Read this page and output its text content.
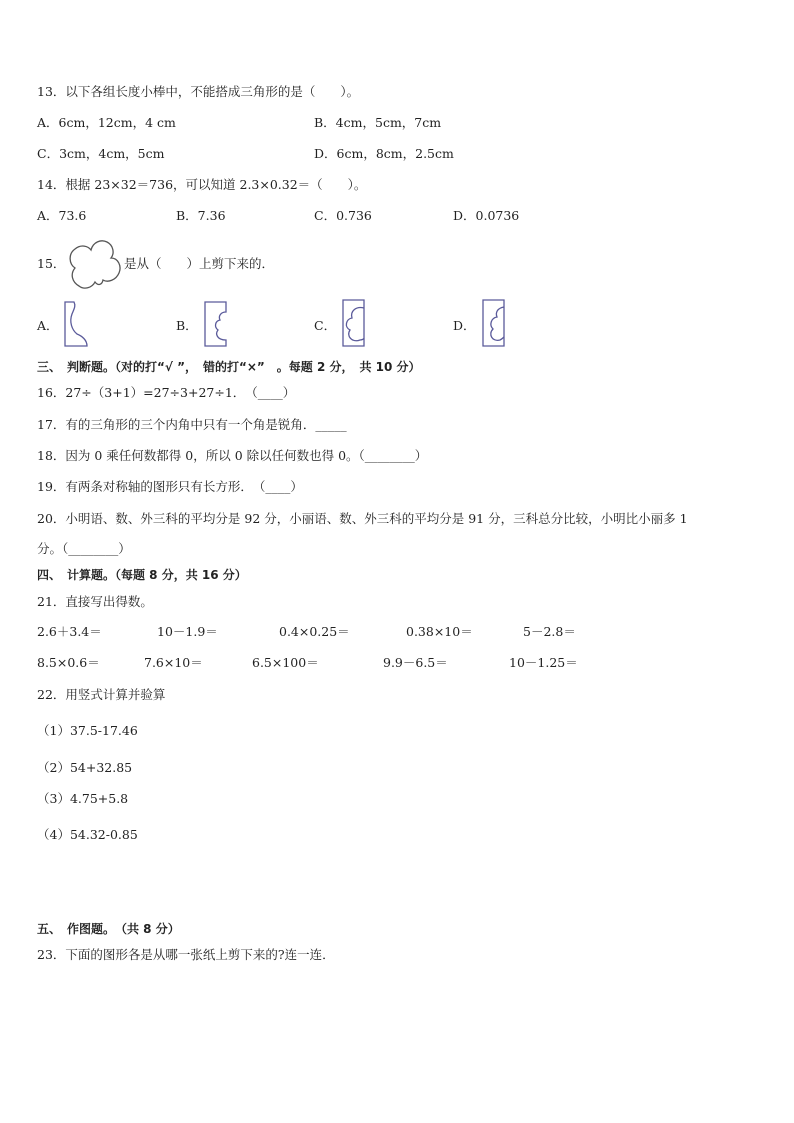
13．以下各组长度小棒中，不能搭成三角形的是（　　）。
A．6cm，12cm，4 cm	B．4cm，5cm，7cm
C．3cm，4cm，5cm	D．6cm，8cm，2.5cm
14．根据 23×32＝736，可以知道 2.3×0.32＝（　　）。
A．73.6	B．7.36	C．0.736	D．0.0736
15．	是从（　　）上剪下来的．
A．	B．	C．	D．
三、　判断题。（对的打“√ ”，　错的打“×”　。每题 2 分，　共 10 分）
16．27÷（3+1）=27÷3+27÷1．　（____）
17．有的三角形的三个内角中只有一个角是锐角．_____
18．因为 0 乘任何数都得 0，所以 0 除以任何数也得 0。（________）
19．有两条对称轴的图形只有长方形．　（____）
20．小明语、数、外三科的平均分是 92 分，小丽语、数、外三科的平均分是 91 分，三科总分比较，小明比小丽多 1
分。（________）
四、　计算题。（每题 8 分，共 16 分）
21．直接写出得数。
2.6＋3.4＝	10－1.9＝	0.4×0.25＝	0.38×10＝	5－2.8＝
8.5×0.6＝	7.6×10＝	6.5×100＝	9.9－6.5＝	10－1.25＝
22．用竖式计算并验算
（1）37.5-17.46
（2）54+32.85
（3）4.75+5.8
（4）54.32-0.85
五、　作图题。　（共 8 分）
23．下面的图形各是从哪一张纸上剪下来的?连一连．
